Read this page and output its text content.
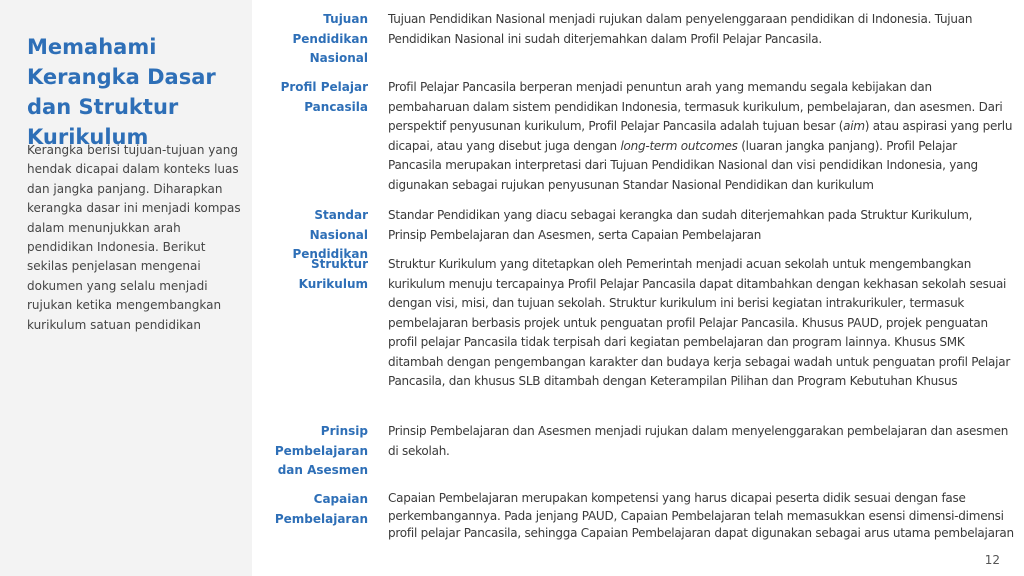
Memahami Kerangka Dasar dan Struktur Kurikulum

Kerangka berisi tujuan-tujuan yang hendak dicapai dalam konteks luas dan jangka panjang. Diharapkan kerangka dasar ini menjadi kompas dalam menunjukkan arah pendidikan Indonesia. Berikut sekilas penjelasan mengenai dokumen yang selalu menjadi rujukan ketika mengembangkan kurikulum satuan pendidikan

Tujuan Pendidikan Nasional
Tujuan Pendidikan Nasional menjadi rujukan dalam penyelenggaraan pendidikan di Indonesia. Tujuan Pendidikan Nasional ini sudah diterjemahkan dalam Profil Pelajar Pancasila.
Profil Pelajar Pancasila
Profil Pelajar Pancasila berperan menjadi penuntun arah yang memandu segala kebijakan dan pembaharuan dalam sistem pendidikan Indonesia, termasuk kurikulum, pembelajaran, dan asesmen. Dari perspektif penyusunan kurikulum, Profil Pelajar Pancasila adalah tujuan besar (aim) atau aspirasi yang perlu dicapai, atau yang disebut juga dengan long-term outcomes (luaran jangka panjang). Profil Pelajar Pancasila merupakan interpretasi dari Tujuan Pendidikan Nasional dan visi pendidikan Indonesia, yang digunakan sebagai rujukan penyusunan Standar Nasional Pendidikan dan kurikulum
Standar Nasional Pendidikan
Standar Pendidikan yang diacu sebagai kerangka dan sudah diterjemahkan pada Struktur Kurikulum, Prinsip Pembelajaran dan Asesmen, serta Capaian Pembelajaran
Struktur Kurikulum
Struktur Kurikulum yang ditetapkan oleh Pemerintah menjadi acuan sekolah untuk mengembangkan kurikulum menuju tercapainya Profil Pelajar Pancasila dapat ditambahkan dengan kekhasan sekolah sesuai dengan visi, misi, dan tujuan sekolah. Struktur kurikulum ini berisi kegiatan intrakurikuler, termasuk pembelajaran berbasis projek untuk penguatan profil Pelajar Pancasila. Khusus PAUD, projek penguatan profil pelajar Pancasila tidak terpisah dari kegiatan pembelajaran dan program lainnya. Khusus SMK ditambah dengan pengembangan karakter dan budaya kerja sebagai wadah untuk penguatan profil Pelajar Pancasila, dan khusus SLB ditambah dengan Keterampilan Pilihan dan Program Kebutuhan Khusus
Prinsip Pembelajaran dan Asesmen
Prinsip Pembelajaran dan Asesmen menjadi rujukan dalam menyelenggarakan pembelajaran dan asesmen di sekolah.
Capaian Pembelajaran
Capaian Pembelajaran merupakan kompetensi yang harus dicapai peserta didik sesuai dengan fase perkembangannya. Pada jenjang PAUD, Capaian Pembelajaran telah memasukkan esensi dimensi-dimensi profil pelajar Pancasila, sehingga Capaian Pembelajaran dapat digunakan sebagai arus utama pembelajaran
12
